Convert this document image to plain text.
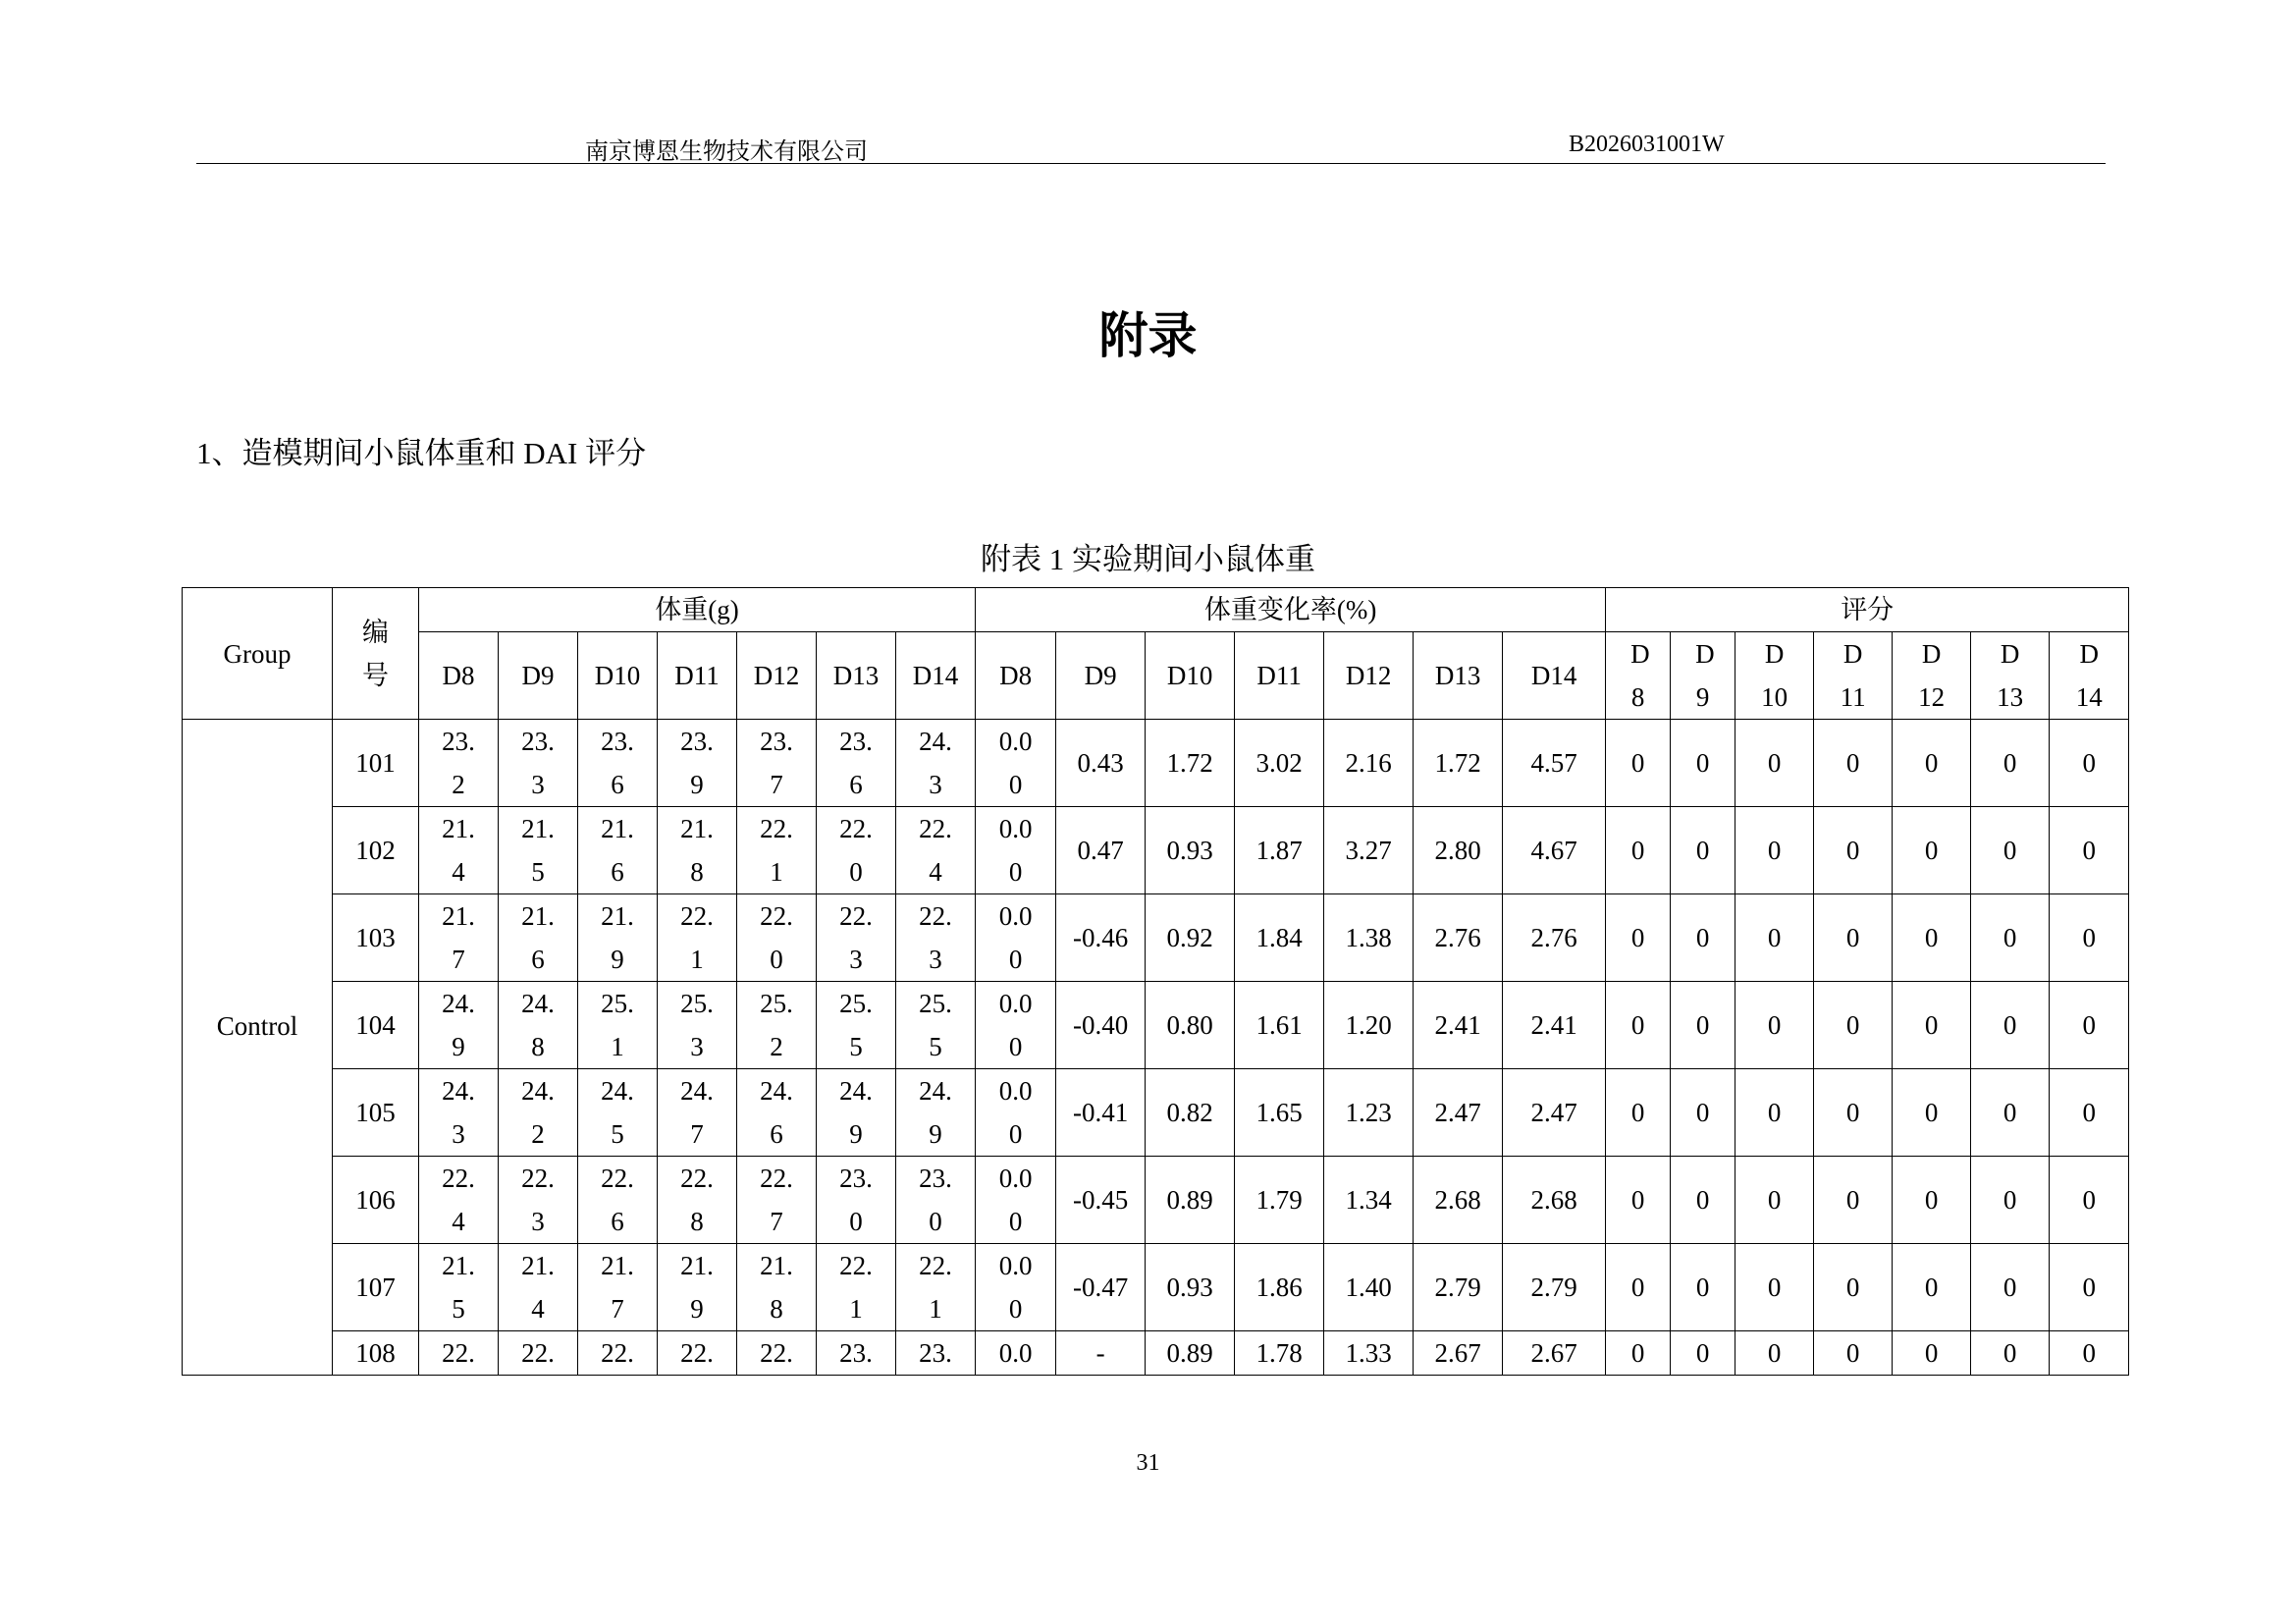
南京博恩生物技术有限公司	B2026031001W
附录
1、造模期间小鼠体重和 DAI 评分
附表 1 实验期间小鼠体重
Group	编号	体重(g)							体重变化率(%)							评分						
		D8	D9	D10	D11	D12	D13	D14	D8	D9	D10	D11	D12	D13	D14	D8	D9	D10	D11	D12	D13	D14
Control	101	23.2	23.3	23.6	23.9	23.7	23.6	24.3	0.00	0.43	1.72	3.02	2.16	1.72	4.57	0	0	0	0	0	0	0
	102	21.4	21.5	21.6	21.8	22.1	22.0	22.4	0.00	0.47	0.93	1.87	3.27	2.80	4.67	0	0	0	0	0	0	0
	103	21.7	21.6	21.9	22.1	22.0	22.3	22.3	0.00	-0.46	0.92	1.84	1.38	2.76	2.76	0	0	0	0	0	0	0
	104	24.9	24.8	25.1	25.3	25.2	25.5	25.5	0.00	-0.40	0.80	1.61	1.20	2.41	2.41	0	0	0	0	0	0	0
	105	24.3	24.2	24.5	24.7	24.6	24.9	24.9	0.00	-0.41	0.82	1.65	1.23	2.47	2.47	0	0	0	0	0	0	0
	106	22.4	22.3	22.6	22.8	22.7	23.0	23.0	0.00	-0.45	0.89	1.79	1.34	2.68	2.68	0	0	0	0	0	0	0
	107	21.5	21.4	21.7	21.9	21.8	22.1	22.1	0.00	-0.47	0.93	1.86	1.40	2.79	2.79	0	0	0	0	0	0	0
	108	22.	22.	22.	22.	22.	23.	23.	0.0	-	0.89	1.78	1.33	2.67	2.67	0	0	0	0	0	0	0
31
